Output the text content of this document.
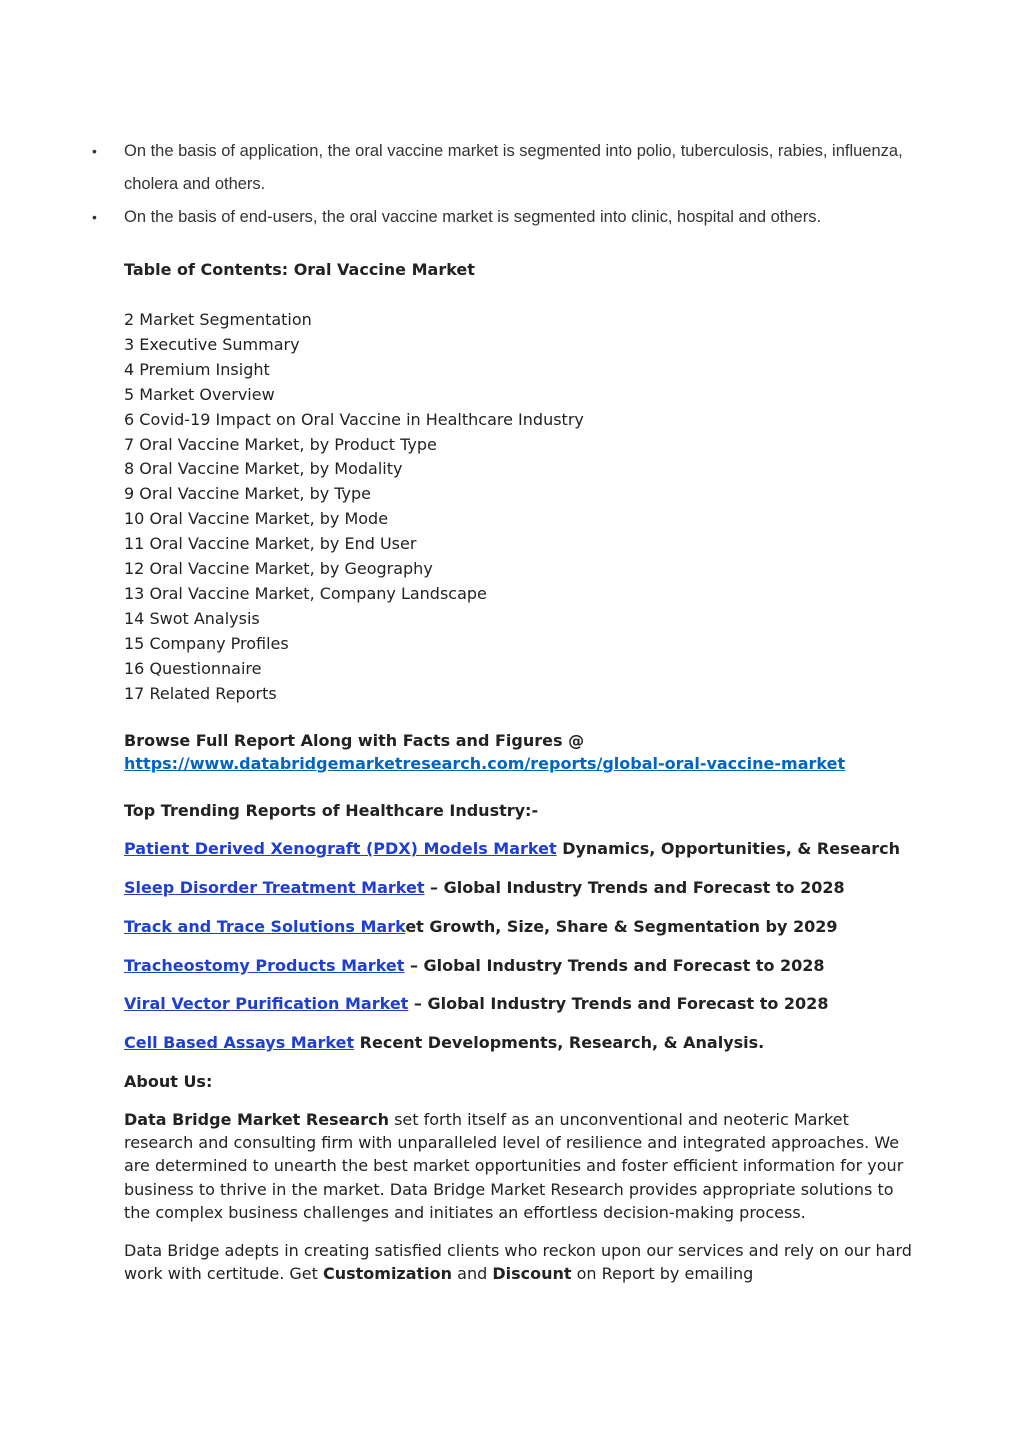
• On the basis of application, the oral vaccine market is segmented into polio, tuberculosis, rabies, influenza, cholera and others.
• On the basis of end-users, the oral vaccine market is segmented into clinic, hospital and others.
Table of Contents: Oral Vaccine Market
2 Market Segmentation
3 Executive Summary
4 Premium Insight
5 Market Overview
6 Covid-19 Impact on Oral Vaccine in Healthcare Industry
7 Oral Vaccine Market, by Product Type
8 Oral Vaccine Market, by Modality
9 Oral Vaccine Market, by Type
10 Oral Vaccine Market, by Mode
11 Oral Vaccine Market, by End User
12 Oral Vaccine Market, by Geography
13 Oral Vaccine Market, Company Landscape
14 Swot Analysis
15 Company Profiles
16 Questionnaire
17 Related Reports
Browse Full Report Along with Facts and Figures @
https://www.databridgemarketresearch.com/reports/global-oral-vaccine-market
Top Trending Reports of Healthcare Industry:-
Patient Derived Xenograft (PDX) Models Market Dynamics, Opportunities, & Research
Sleep Disorder Treatment Market – Global Industry Trends and Forecast to 2028
Track and Trace Solutions Market Growth, Size, Share & Segmentation by 2029
Tracheostomy Products Market – Global Industry Trends and Forecast to 2028
Viral Vector Purification Market – Global Industry Trends and Forecast to 2028
Cell Based Assays Market Recent Developments, Research, & Analysis.
About Us:
Data Bridge Market Research set forth itself as an unconventional and neoteric Market research and consulting firm with unparalleled level of resilience and integrated approaches. We are determined to unearth the best market opportunities and foster efficient information for your business to thrive in the market. Data Bridge Market Research provides appropriate solutions to the complex business challenges and initiates an effortless decision-making process.
Data Bridge adepts in creating satisfied clients who reckon upon our services and rely on our hard work with certitude. Get Customization and Discount on Report by emailing
